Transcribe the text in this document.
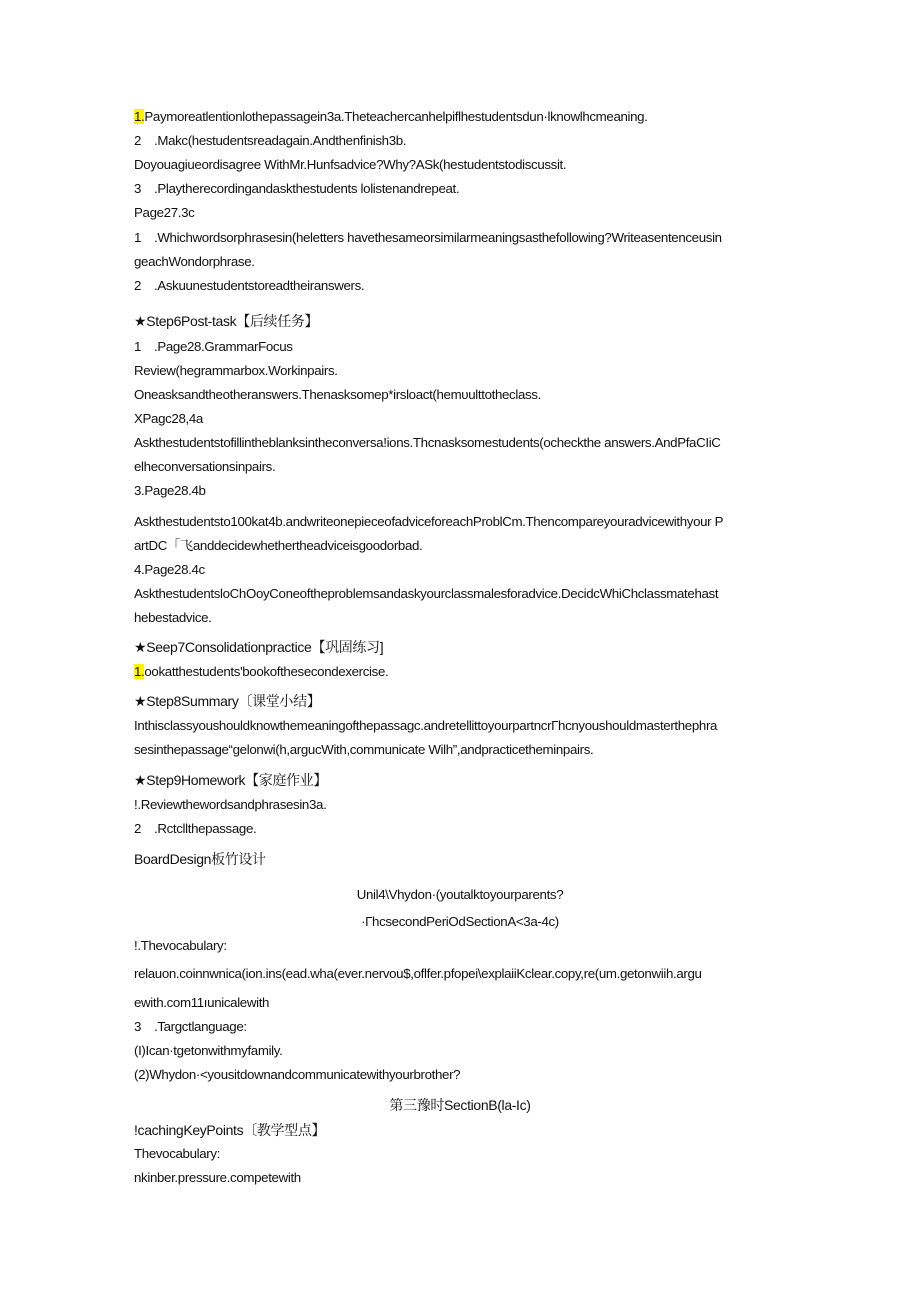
1.Paymoreatlentionlothepassagein3a.Theteachercanhelpiflhestudentsdun·lknowlhcmeaning.
2 .Makc(hestudentsreadagain.Andthenfinish3b.
Doyouagiueordisagree WithMr.Hunfsadvice?Why?ASk(hestudentstodiscussit.
3 .Playtherecordingandaskthestudents lolistenandrepeat.
Page27.3c
1 .Whichwordsorphrasesin(heletters havethesameorsimilarmeaningsasthefollowing?Writeasentenceusin
geachWondorphrase.
2 .Askuunestudentstoreadtheiranswers.
★Step6Post-task【后续任务】
1 .Page28.GrammarFocus
Review(hegrammarbox.Workinpairs.
Oneasksandtheotheranswers.Thenasksomep*irsloact(hemυulttotheclass.
XPagc28,4a
Askthestudentstofillintheblanksintheconversa!ions.Thcnasksomestudents(ocheckthe answers.AndPfaCIiC
elheconversationsinpairs.
3.Page28.4b
Askthestudentsto100kat4b.andwriteonepieceofadviceforeachProblCm.Thencompareyouradvicewithyour P
artDC「飞anddecidewhethertheadviceisgoodorbad.
4.Page28.4c
AskthestudentsloChOoyConeoftheproblemsandaskyourclassmalesforadvice.DecidcWhiChclassmatehast
hebestadvice.
★Seep7Consolidationpractice【巩固练习]
1.ookatthestudents'bookofthesecondexercise.
★Step8Summary〔课堂小结】
Inthisclassyoushouldknowthemeaningofthepassagc.andretellittoyourpartncrГhcnyoushouldmasterthephra
sesinthepassage“gelonwi(h,argucWith,communicate Wilh”,andpracticetheminpairs.
★Step9Homework【家庭作业】
!.Reviewthewordsandphrasesin3a.
2 .Rctcllthepassage.
BoardDesign板竹设计
Unil4\Vhydon·(youtalktoyourparents?
·ГhcsecondPeriOdSectionA<3a-4c)
!.Thevocabulary:
relauon.coinnwnica(ion.ins(ead.wha(ever.nervou$,oflfer.pfopei\explaiiKclear.copy,re(um.getonwiih.argu
ewith.com11ıunicalewith
3 .Targctlanguage:
(I)Ican·tgetonwithmyfamily.
(2)Whydon·<yousitdownandcommunicatewithyourbrother?
第三豫时SectionB(la-Ic)
!cachingKeyPoints〔教学型点】
Thevocabulary:
nkinber.pressure.competewith
